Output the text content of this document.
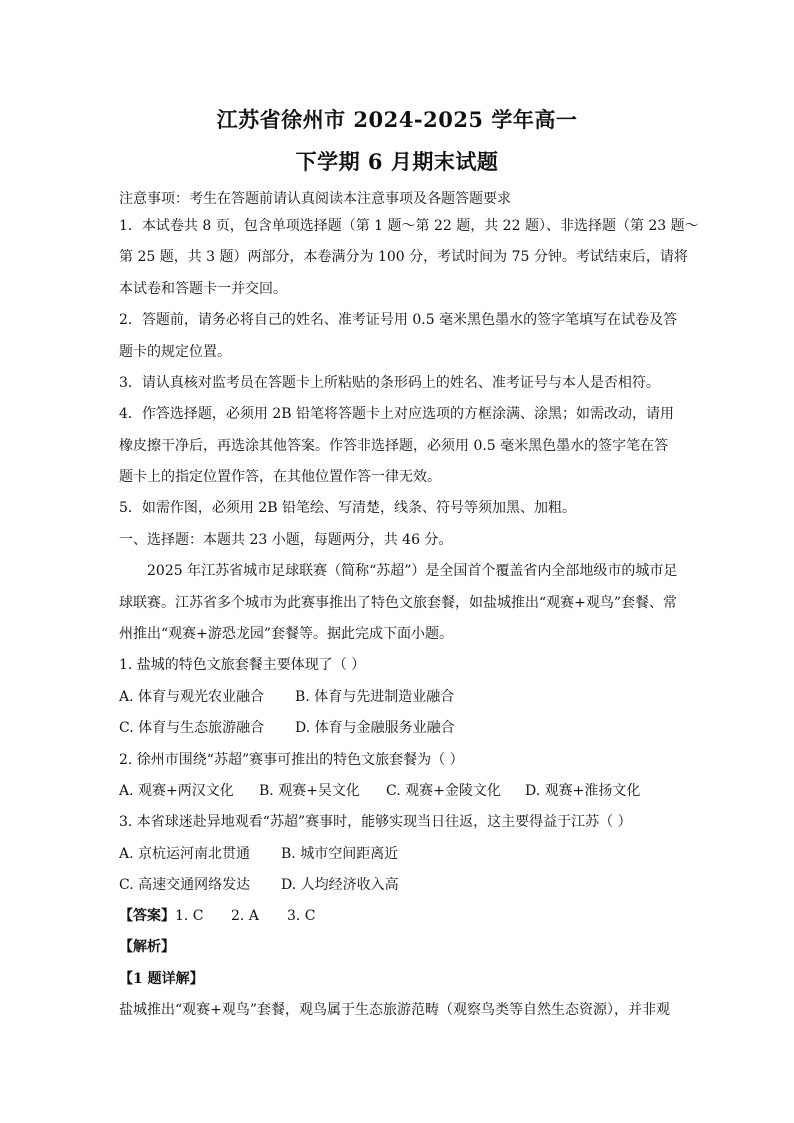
江苏省徐州市 2024-2025 学年高一
下学期 6 月期末试题
注意事项：考生在答题前请认真阅读本注意事项及各题答题要求
1．本试卷共 8 页，包含单项选择题（第 1 题～第 22 题，共 22 题）、非选择题（第 23 题～
第 25 题，共 3 题）两部分，本卷满分为 100 分，考试时间为 75 分钟。考试结束后，请将
本试卷和答题卡一并交回。
2．答题前，请务必将自己的姓名、准考证号用 0.5 毫米黑色墨水的签字笔填写在试卷及答
题卡的规定位置。
3．请认真核对监考员在答题卡上所粘贴的条形码上的姓名、准考证号与本人是否相符。
4．作答选择题，必须用 2B 铅笔将答题卡上对应选项的方框涂满、涂黑；如需改动，请用
橡皮擦干净后，再选涂其他答案。作答非选择题，必须用 0.5 毫米黑色墨水的签字笔在答
题卡上的指定位置作答，在其他位置作答一律无效。
5．如需作图，必须用 2B 铅笔绘、写清楚，线条、符号等须加黑、加粗。
一、选择题：本题共 23 小题，每题两分，共 46 分。
2025 年江苏省城市足球联赛（简称“苏超”）是全国首个覆盖省内全部地级市的城市足
球联赛。江苏省多个城市为此赛事推出了特色文旅套餐，如盐城推出“观赛+观鸟”套餐、常
州推出“观赛+游恐龙园”套餐等。据此完成下面小题。
1. 盐城的特色文旅套餐主要体现了（ ）
A. 体育与观光农业融合	B. 体育与先进制造业融合
C. 体育与生态旅游融合	D. 体育与金融服务业融合
2. 徐州市围绕“苏超”赛事可推出的特色文旅套餐为（ ）
A. 观赛+两汉文化	B. 观赛+吴文化	C. 观赛+金陵文化	D. 观赛+淮扬文化
3. 本省球迷赴异地观看“苏超”赛事时，能够实现当日往返，这主要得益于江苏（ ）
A. 京杭运河南北贯通	B. 城市空间距离近
C. 高速交通网络发达	D. 人均经济收入高
【答案】1. C 2. A 3. C
【解析】
【1 题详解】
盐城推出“观赛+观鸟”套餐，观鸟属于生态旅游范畴（观察鸟类等自然生态资源），并非观
